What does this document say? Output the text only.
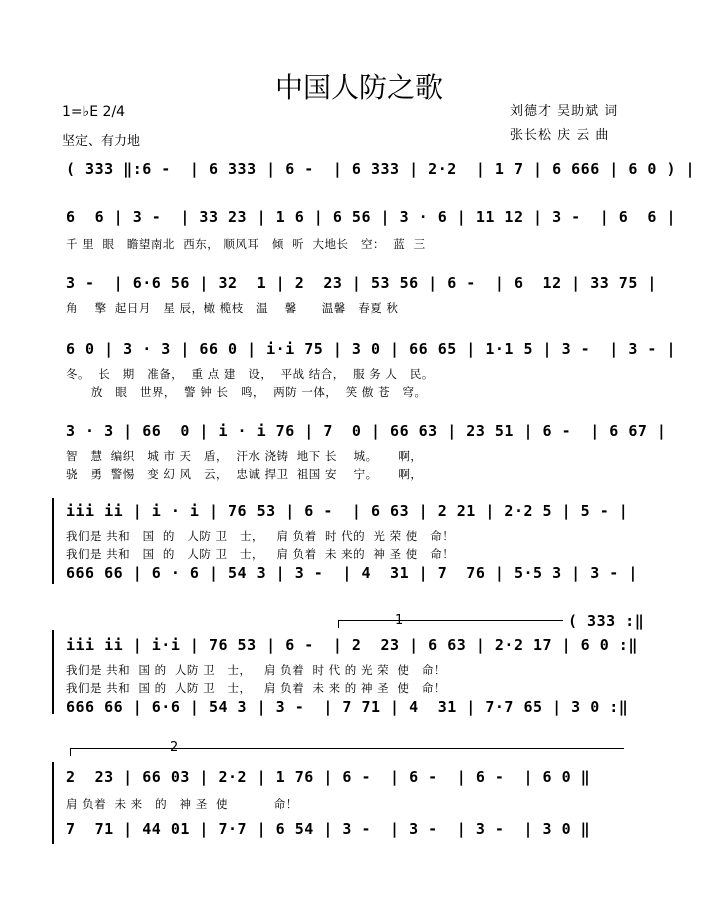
中国人防之歌
1=♭E 2/4
坚定、有力地
刘德才 吴助斌 词
张长松 庆 云 曲
( 333 ‖:6 -  | 6 333 | 6 -  | 6 333 | 2·2  | 1 7 | 6 666 | 6 0 ) |
6  6 | 3 -  | 33 23 | 1 6 | 6 56 | 3 · 6 | 11 12 | 3 -  | 6  6 |
千 里  眼   瞻望南北  西东， 顺风耳   倾  听  大地长   空：  蓝  三
3 -  | 6·6 56 | 32  1 | 2  23 | 53 56 | 6 -  | 6  12 | 33 75 |
角    擎  起日月   星 辰，橄 榄枝   温    馨      温馨   春夏 秋
6 0 | 3 · 3 | 66 0 | i·i 75 | 3 0 | 66 65 | 1·1 5 | 3 -  | 3 - |
冬。  长   期   准备，  重 点 建   设，  平战 结合，  服 务 人   民。
放   眼   世界，  警 钟 长   鸣，  两防 一体，  笑 傲 苍   穹。
3 · 3 | 66  0 | i · i 76 | 7  0 | 66 63 | 23 51 | 6 -  | 6 67 |
智   慧  编织   城 市 天   盾，  汗水 浇铸  地下 长    城。     啊，
骁   勇  警惕   变 幻 风   云，  忠诚 捍卫  祖国 安    宁。     啊，
iii ii | i · i | 76 53 | 6 -  | 6 63 | 2 21 | 2·2 5 | 5 - |
我们是 共和   国  的   人防 卫   士，   肩 负着  时 代的  光 荣 使   命！
我们是 共和   国  的   人防 卫   士，   肩 负着  未 来的  神 圣 使   命！
666 66 | 6 · 6 | 54 3 | 3 -  | 4  31 | 7  76 | 5·5 3 | 3 - |
1	( 333 :‖
iii ii | i·i | 76 53 | 6 -  | 2  23 | 6 63 | 2·2 17 | 6 0 :‖
我们是 共和  国 的  人防 卫   士，   肩 负着  时 代 的 光 荣  使   命！
我们是 共和  国 的  人防 卫   士，   肩 负着  未 来 的 神 圣  使   命！
666 66 | 6·6 | 54 3 | 3 -  | 7 71 | 4  31 | 7·7 65 | 3 0 :‖
2
2  23 | 66 03 | 2·2 | 1 76 | 6 -  | 6 -  | 6 -  | 6 0 ‖
肩 负着  未 来   的   神 圣  使           命！
7  71 | 44 01 | 7·7 | 6 54 | 3 -  | 3 -  | 3 -  | 3 0 ‖
